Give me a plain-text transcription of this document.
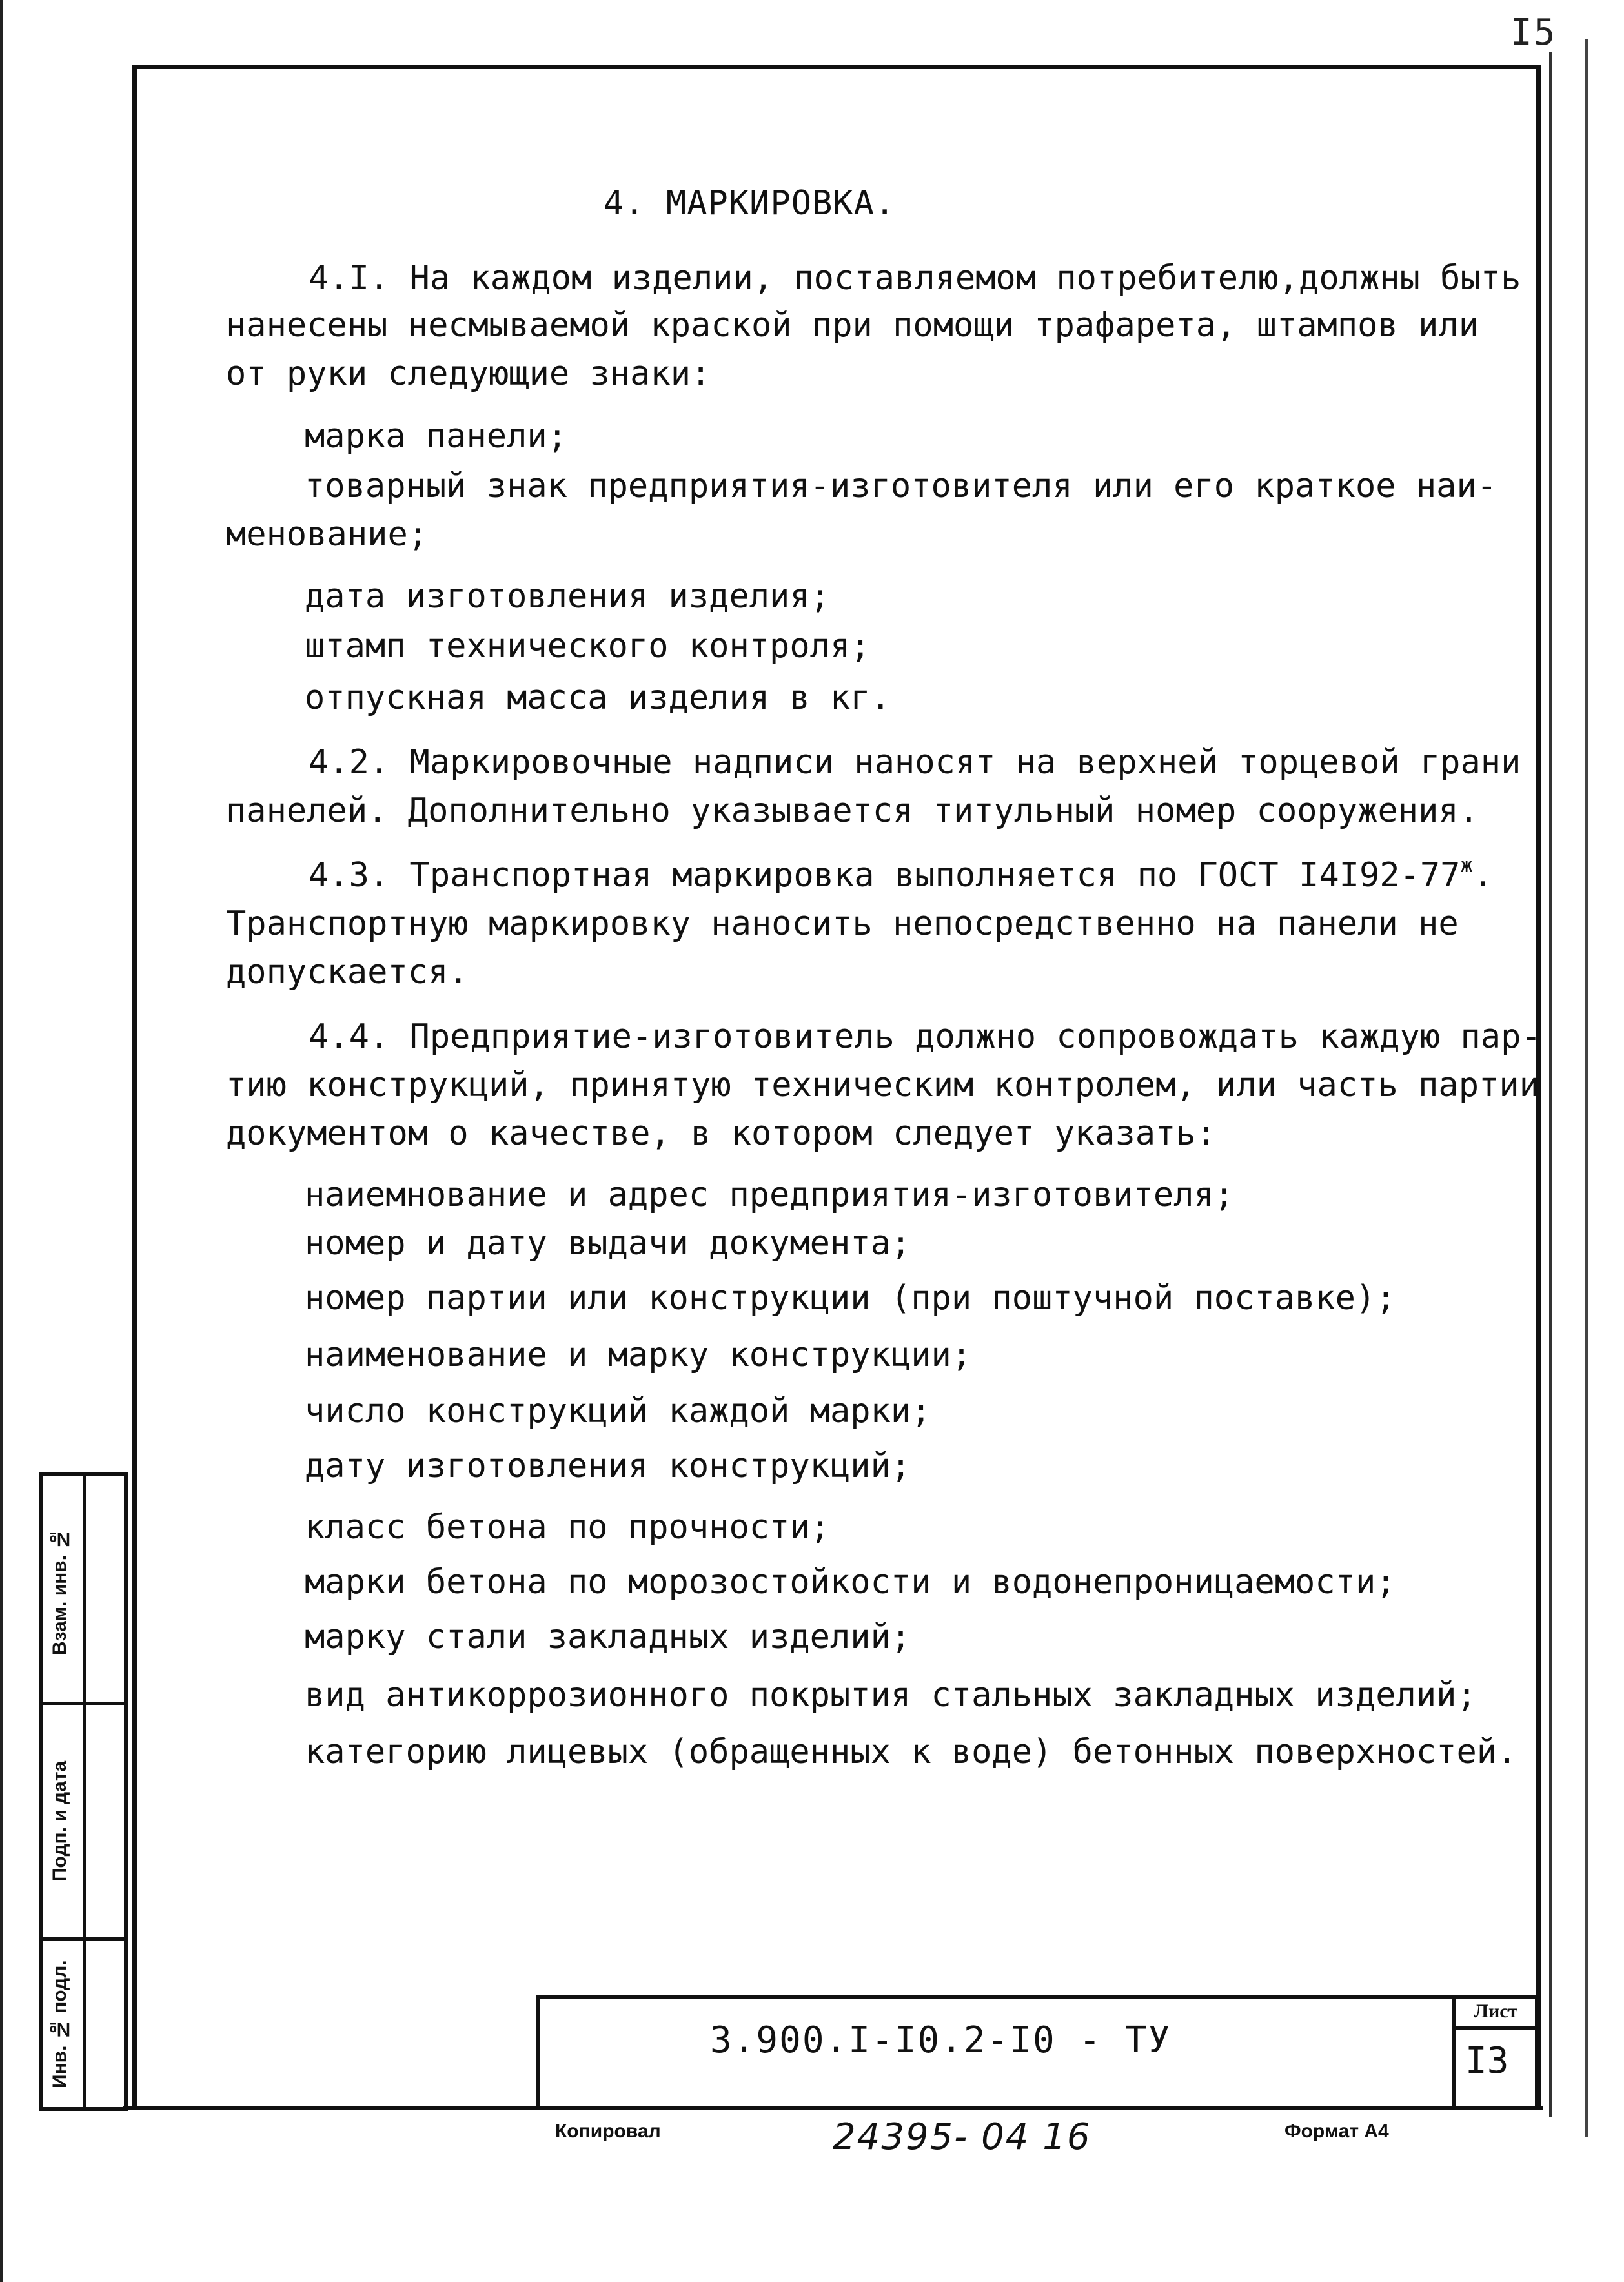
I5
4. МАРКИРОВКА.
4.I. На каждом изделии, поставляемом потребителю,должны быть
нанесены несмываемой краской при помощи трафарета, штампов или
от руки следующие знаки:
марка панели;
товарный знак предприятия-изготовителя или его краткое наи-
менование;
дата изготовления изделия;
штамп технического контроля;
отпускная масса изделия в кг.
4.2. Маркировочные надписи наносят на верхней торцевой грани
панелей. Дополнительно указывается титульный номер сооружения.
4.3. Транспортная маркировка выполняется по ГОСТ $I4I92-77^ж$.
Транспортную маркировку наносить непосредственно на панели не
допускается.
4.4. Предприятие-изготовитель должно сопровождать каждую пар-
тию конструкций, принятую техническим контролем, или часть партии
документом о качестве, в котором следует указать:
наиемнование и адрес предприятия-изготовителя;
номер и дату выдачи документа;
номер партии или конструкции (при поштучной поставке);
наименование и марку конструкции;
число конструкций каждой марки;
дату изготовления конструкций;
класс бетона по прочности;
марки бетона по морозостойкости и водонепроницаемости;
марку стали закладных изделий;
вид антикоррозионного покрытия стальных закладных изделий;
категорию лицевых (обращенных к воде) бетонных поверхностей.
Взам. инв. №
Подп. и дата
Инв. № подл.	3.900.I-I0.2-I0 - ТУ
Лист
I3
Копировал	24395- 04 16	Формат А4
